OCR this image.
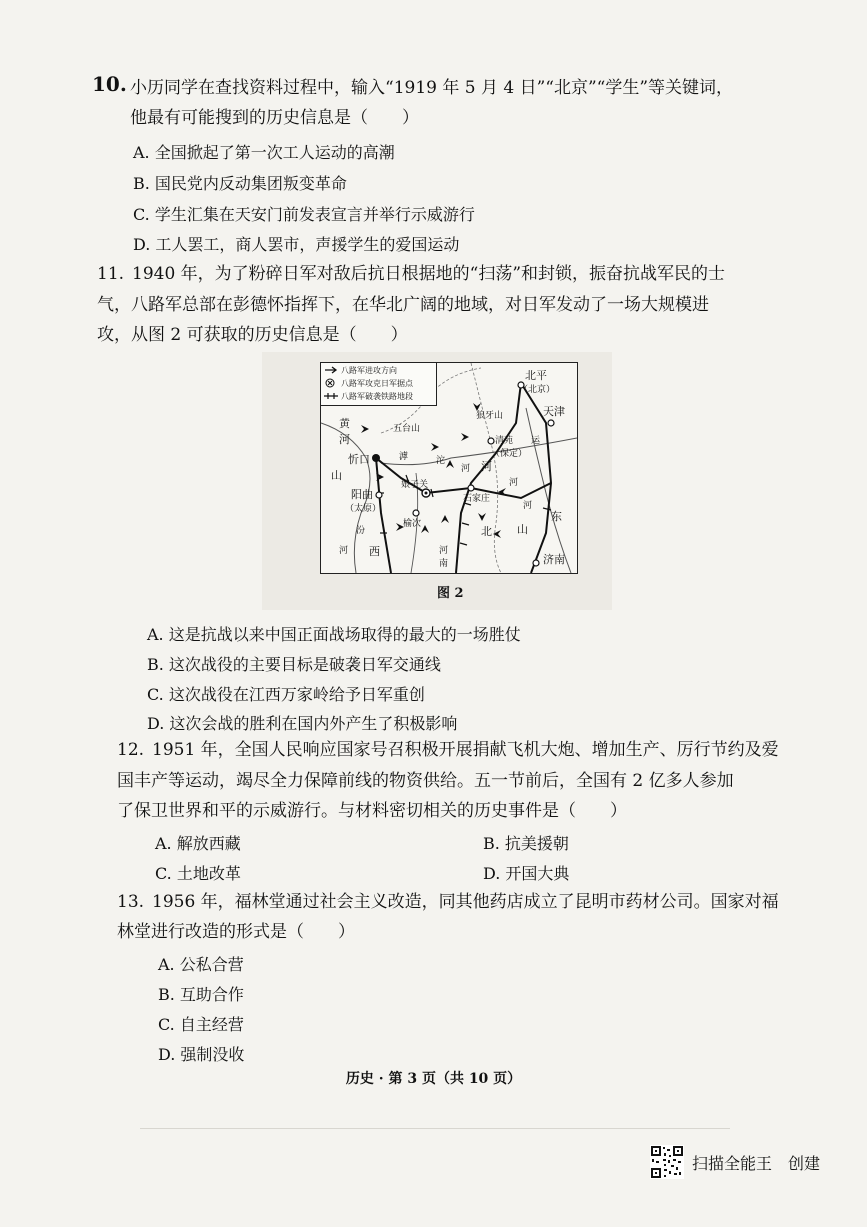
10. 小历同学在查找资料过程中，输入“1919 年 5 月 4 日”“北京”“学生”等关键词，
他最有可能搜到的历史信息是（　　）
A. 全国掀起了第一次工人运动的高潮
B. 国民党内反动集团叛变革命
C. 学生汇集在天安门前发表宣言并举行示威游行
D. 工人罢工，商人罢市，声援学生的爱国运动
11. 1940 年，为了粉碎日军对敌后抗日根据地的“扫荡”和封锁，振奋抗战军民的士
气，八路军总部在彭德怀指挥下，在华北广阔的地域，对日军发动了一场大规模进
攻，从图 2 可获取的历史信息是（　　）
八路军进攻方向
八路军攻克日军据点
八路军破袭铁路地段
北平
（北京）
天津
五台山
狼牙山
清苑
（保定）
忻口
阳曲
（太原）
娘子关
石家庄
榆次
济南
黄
河
山
西
汾
河
滹	沱
河 河
北 山
东
运
河
河
河
南
图 2
A. 这是抗战以来中国正面战场取得的最大的一场胜仗
B. 这次战役的主要目标是破袭日军交通线
C. 这次战役在江西万家岭给予日军重创
D. 这次会战的胜利在国内外产生了积极影响
12. 1951 年，全国人民响应国家号召积极开展捐献飞机大炮、增加生产、厉行节约及爱
国丰产等运动，竭尽全力保障前线的物资供给。五一节前后，全国有 2 亿多人参加
了保卫世界和平的示威游行。与材料密切相关的历史事件是（　　）
A. 解放西藏	B. 抗美援朝
C. 土地改革	D. 开国大典
13. 1956 年，福林堂通过社会主义改造，同其他药店成立了昆明市药材公司。国家对福
林堂进行改造的形式是（　　）
A. 公私合营
B. 互助合作
C. 自主经营
D. 强制没收
历史 · 第 3 页（共 10 页）
扫描全能王　创建
